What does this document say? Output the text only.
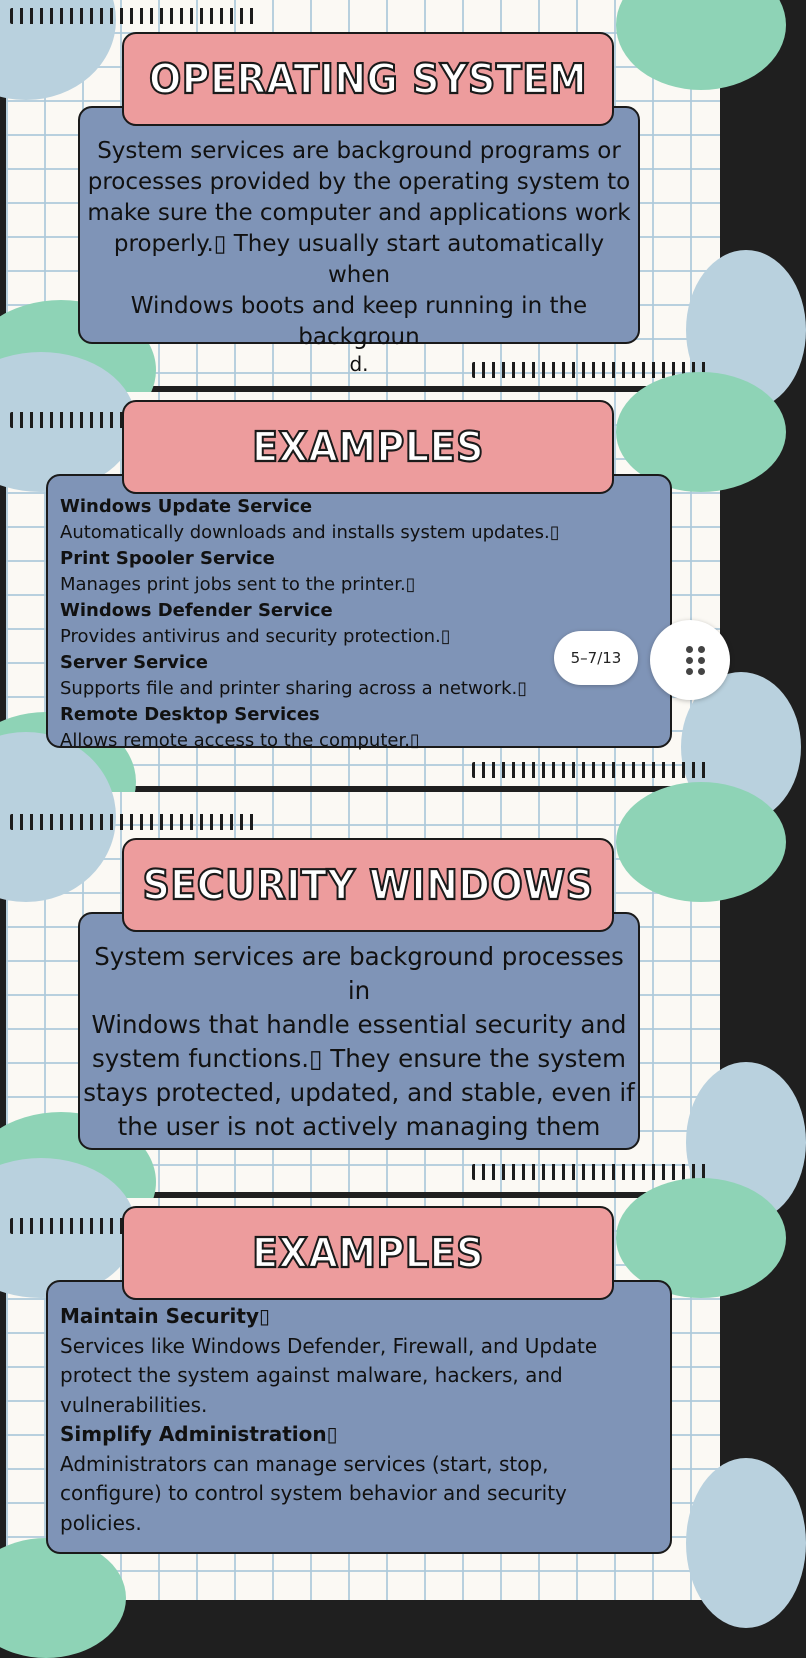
OPERATING SYSTEM

System services are background programs or

processes provided by the operating system to

make sure the computer and applications work

properly.▯ They usually start automatically when

Windows boots and keep running in the

backgroun

d.

EXAMPLES
Windows Update Service
Automatically downloads and installs system updates.▯
Print Spooler Service
Manages print jobs sent to the printer.▯
Windows Defender Service
Provides antivirus and security protection.▯
Server Service
Supports file and printer sharing across a network.▯
Remote Desktop Services
Allows remote access to the computer.▯
SECURITY WINDOWS

System services are background processes in

Windows that handle essential security and

system functions.▯ They ensure the system

stays protected, updated, and stable, even if

the user is not actively managing them

EXAMPLES
Maintain Security▯
Services like Windows Defender, Firewall, and Update
protect the system against malware, hackers, and
vulnerabilities.
Simplify Administration▯
Administrators can manage services (start, stop,
configure) to control system behavior and security
policies.
5–7/13
